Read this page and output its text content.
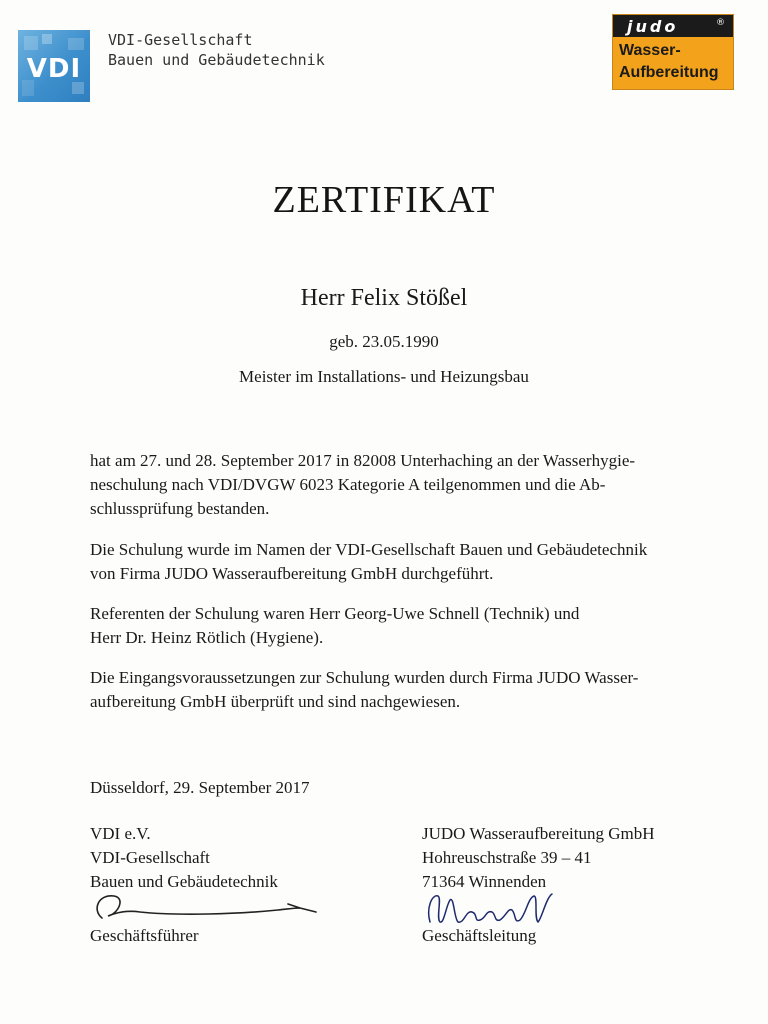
VDI
VDI-Gesellschaft
Bauen und Gebäudetechnik
judo	®
Wasser-
Aufbereitung
ZERTIFIKAT
Herr Felix Stößel
geb. 23.05.1990
Meister im Installations- und Heizungsbau
hat am 27. und 28. September 2017 in 82008 Unterhaching an der Wasserhygie-
neschulung nach VDI/DVGW 6023 Kategorie A teilgenommen und die Ab-
schlussprüfung bestanden.
Die Schulung wurde im Namen der VDI-Gesellschaft Bauen und Gebäudetechnik
von Firma JUDO Wasseraufbereitung GmbH durchgeführt.
Referenten der Schulung waren Herr Georg-Uwe Schnell (Technik) und
Herr Dr. Heinz Rötlich (Hygiene).
Die Eingangsvoraussetzungen zur Schulung wurden durch Firma JUDO Wasser-
aufbereitung GmbH überprüft und sind nachgewiesen.
Düsseldorf, 29. September 2017
VDI e.V.
VDI-Gesellschaft
Bauen und Gebäudetechnik
JUDO Wasseraufbereitung GmbH
Hohreuschstraße 39 – 41
71364 Winnenden
Geschäftsführer	Geschäftsleitung
